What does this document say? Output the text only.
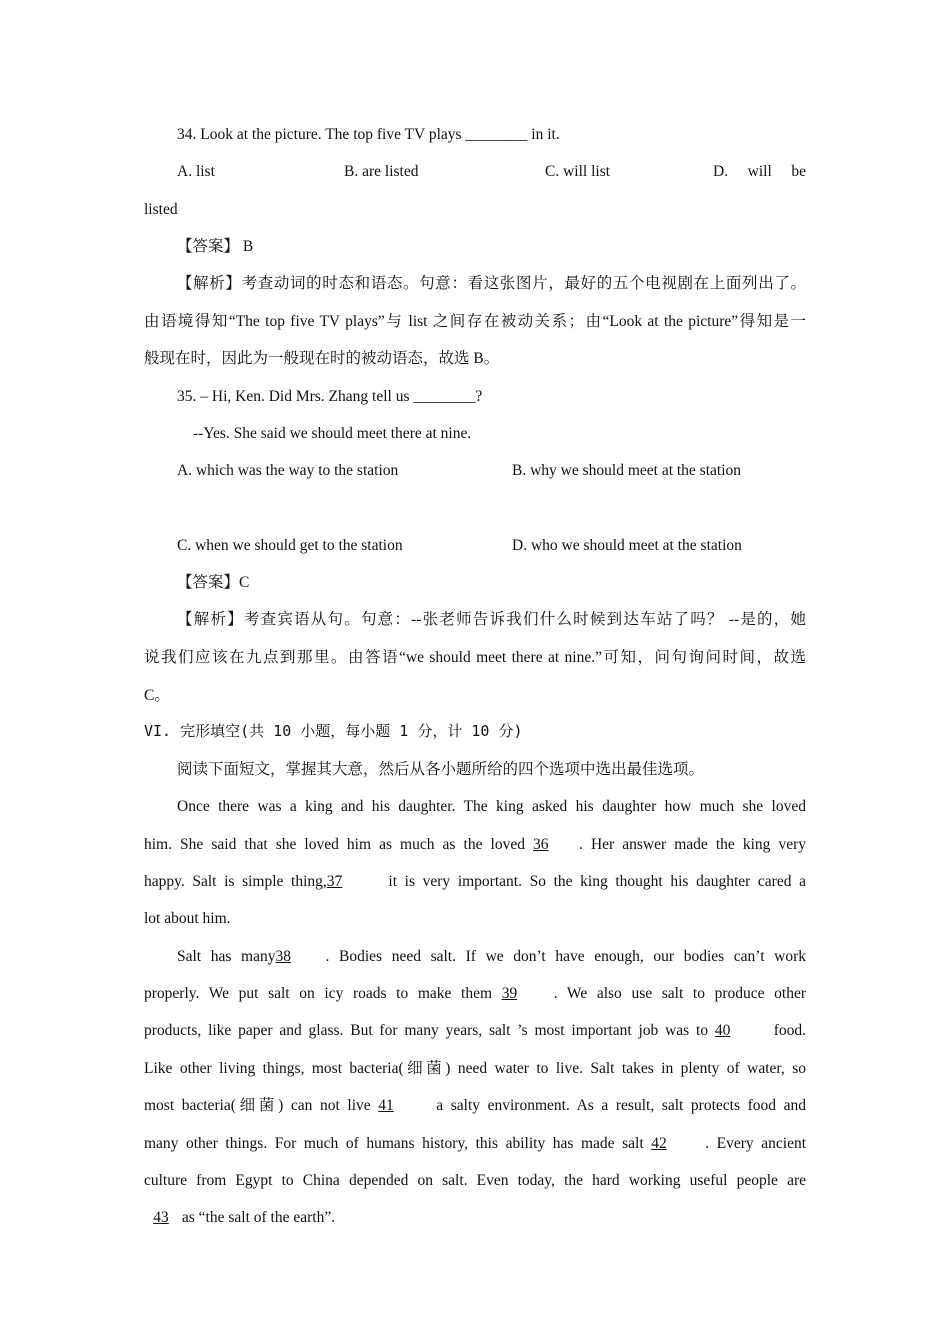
34. Look at the picture. The top five TV plays ________ in it.
A. list	B. are listed	C. will list	D. will be
listed
【答案】 B
【解析】考查动词的时态和语态。句意：看这张图片，最好的五个电视剧在上面列出了。
由语境得知“The top five TV plays”与 list 之间存在被动关系；由“Look at the picture”得知是一
般现在时，因此为一般现在时的被动语态，故选 B。
35. – Hi, Ken. Did Mrs. Zhang tell us ________?
--Yes. She said we should meet there at nine.
A. which was the way to the station	B. why we should meet at the station
C. when we should get to the station	D. who we should meet at the station
【答案】C
【解析】考查宾语从句。句意：--张老师告诉我们什么时候到达车站了吗？ --是的，她
说我们应该在九点到那里。由答语“we should meet there at nine.”可知，问句询问时间，故选
C。
VI. 完形填空(共 10 小题，每小题 1 分，计 10 分)
阅读下面短文，掌握其大意，然后从各小题所给的四个选项中选出最佳选项。
Once there was a king and his daughter. The king asked his daughter how much she loved
him. She said that she loved him as much as the loved 36 . Her answer made the king very
happy. Salt is simple thing,37 it is very important. So the king thought his daughter cared a
lot about him.
Salt has many38 . Bodies need salt. If we don’t have enough, our bodies can’t work
properly. We put salt on icy roads to make them 39 . We also use salt to produce other
products, like paper and glass. But for many years, salt ’s most important job was to 40 food.
Like other living things, most bacteria(细菌) need water to live. Salt takes in plenty of water, so
most bacteria(细菌) can not live 41	a salty environment. As a result, salt protects food and
many other things. For much of humans history, this ability has made salt 42 . Every ancient
culture from Egypt to China depended on salt. Even today, the hard working useful people are
43 as “the salt of the earth”.
